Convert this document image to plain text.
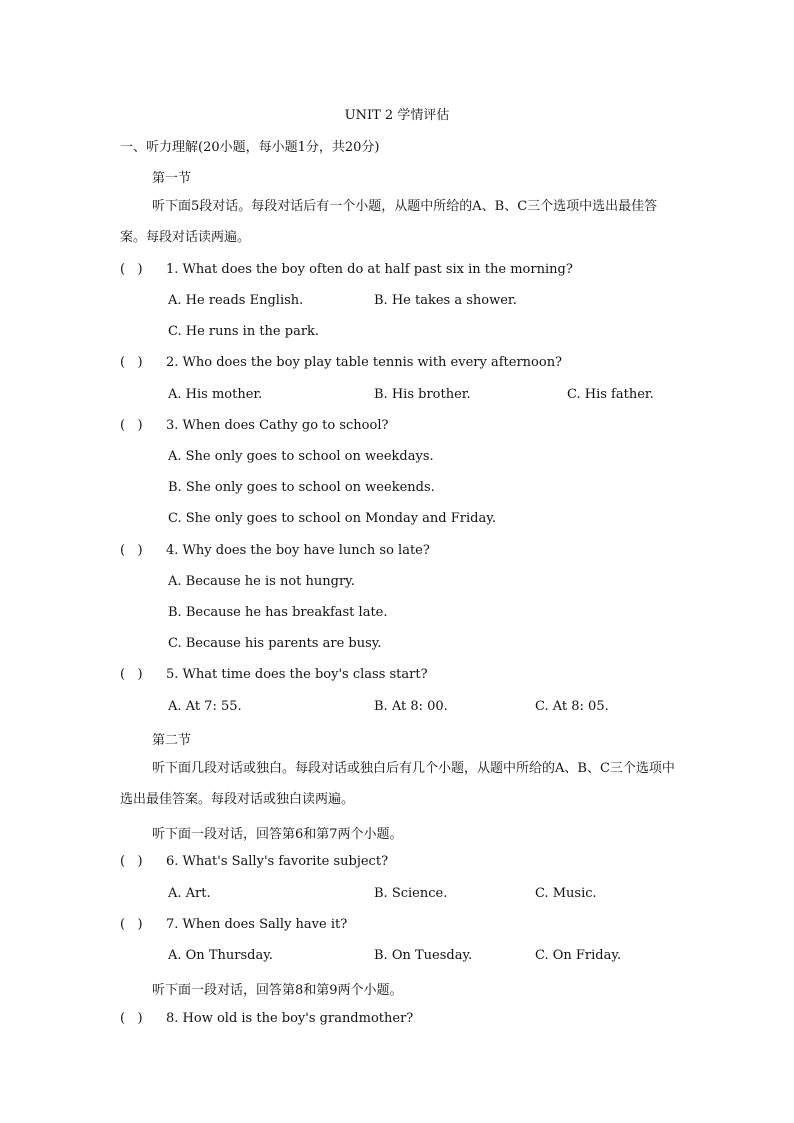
UNIT 2 学情评估
一、听力理解(20小题，每小题1分，共20分)
第一节
听下面5段对话。每段对话后有一个小题，从题中所给的A、B、C三个选项中选出最佳答案。每段对话读两遍。
(   ) 1. What does the boy often do at half past six in the morning?
A. He reads English.	B. He takes a shower.
C. He runs in the park.
(   ) 2. Who does the boy play table tennis with every afternoon?
A. His mother.	B. His brother.	C. His father.
(   ) 3. When does Cathy go to school?
A. She only goes to school on weekdays.
B. She only goes to school on weekends.
C. She only goes to school on Monday and Friday.
(   ) 4. Why does the boy have lunch so late?
A. Because he is not hungry.
B. Because he has breakfast late.
C. Because his parents are busy.
(   ) 5. What time does the boy's class start?
A. At 7: 55.	B. At 8: 00.	C. At 8: 05.
第二节
听下面几段对话或独白。每段对话或独白后有几个小题，从题中所给的A、B、C三个选项中选出最佳答案。每段对话或独白读两遍。
听下面一段对话，回答第6和第7两个小题。
(   ) 6. What's Sally's favorite subject?
A. Art.	B. Science.	C. Music.
(   ) 7. When does Sally have it?
A. On Thursday.	B. On Tuesday.	C. On Friday.
听下面一段对话，回答第8和第9两个小题。
(   ) 8. How old is the boy's grandmother?
